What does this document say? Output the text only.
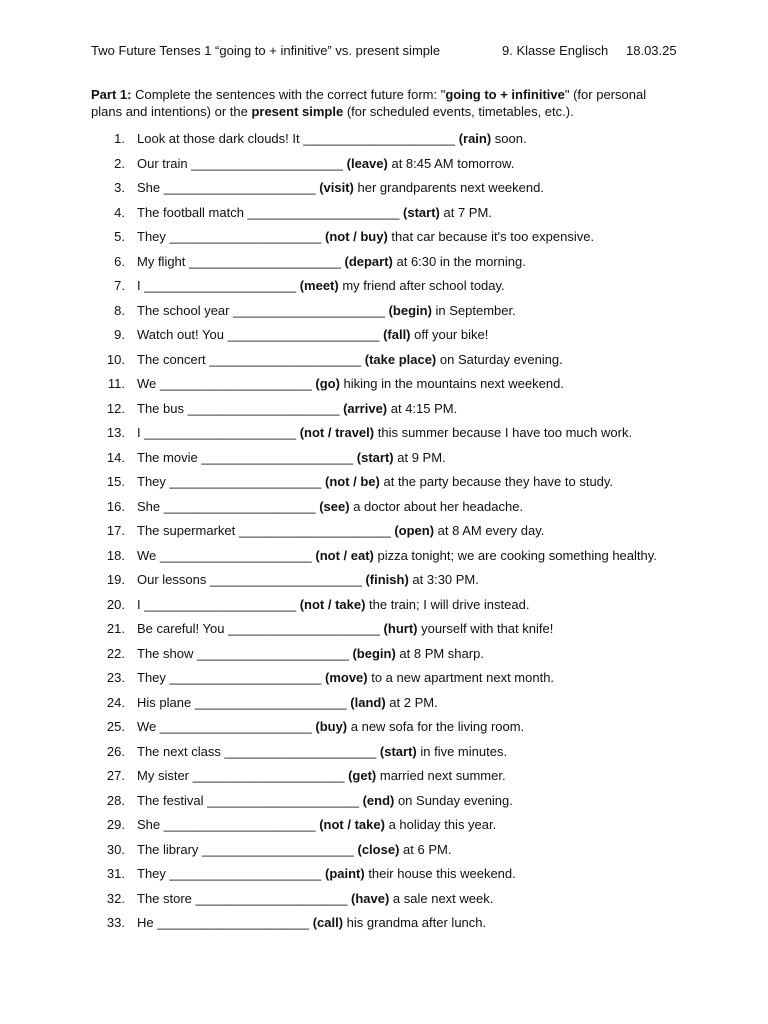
Two Future Tenses 1 “going to + infinitive” vs. present simple	9. Klasse Englisch 18.03.25
Part 1: Complete the sentences with the correct future form: "going to + infinitive" (for personal plans and intentions) or the present simple (for scheduled events, timetables, etc.).
1. Look at those dark clouds! It _____________________ (rain) soon.
2. Our train _____________________ (leave) at 8:45 AM tomorrow.
3. She _____________________ (visit) her grandparents next weekend.
4. The football match _____________________ (start) at 7 PM.
5. They _____________________ (not / buy) that car because it's too expensive.
6. My flight _____________________ (depart) at 6:30 in the morning.
7. I _____________________ (meet) my friend after school today.
8. The school year _____________________ (begin) in September.
9. Watch out! You _____________________ (fall) off your bike!
10. The concert _____________________ (take place) on Saturday evening.
11. We _____________________ (go) hiking in the mountains next weekend.
12. The bus _____________________ (arrive) at 4:15 PM.
13. I _____________________ (not / travel) this summer because I have too much work.
14. The movie _____________________ (start) at 9 PM.
15. They _____________________ (not / be) at the party because they have to study.
16. She _____________________ (see) a doctor about her headache.
17. The supermarket _____________________ (open) at 8 AM every day.
18. We _____________________ (not / eat) pizza tonight; we are cooking something healthy.
19. Our lessons _____________________ (finish) at 3:30 PM.
20. I _____________________ (not / take) the train; I will drive instead.
21. Be careful! You _____________________ (hurt) yourself with that knife!
22. The show _____________________ (begin) at 8 PM sharp.
23. They _____________________ (move) to a new apartment next month.
24. His plane _____________________ (land) at 2 PM.
25. We _____________________ (buy) a new sofa for the living room.
26. The next class _____________________ (start) in five minutes.
27. My sister _____________________ (get) married next summer.
28. The festival _____________________ (end) on Sunday evening.
29. She _____________________ (not / take) a holiday this year.
30. The library _____________________ (close) at 6 PM.
31. They _____________________ (paint) their house this weekend.
32. The store _____________________ (have) a sale next week.
33. He _____________________ (call) his grandma after lunch.
